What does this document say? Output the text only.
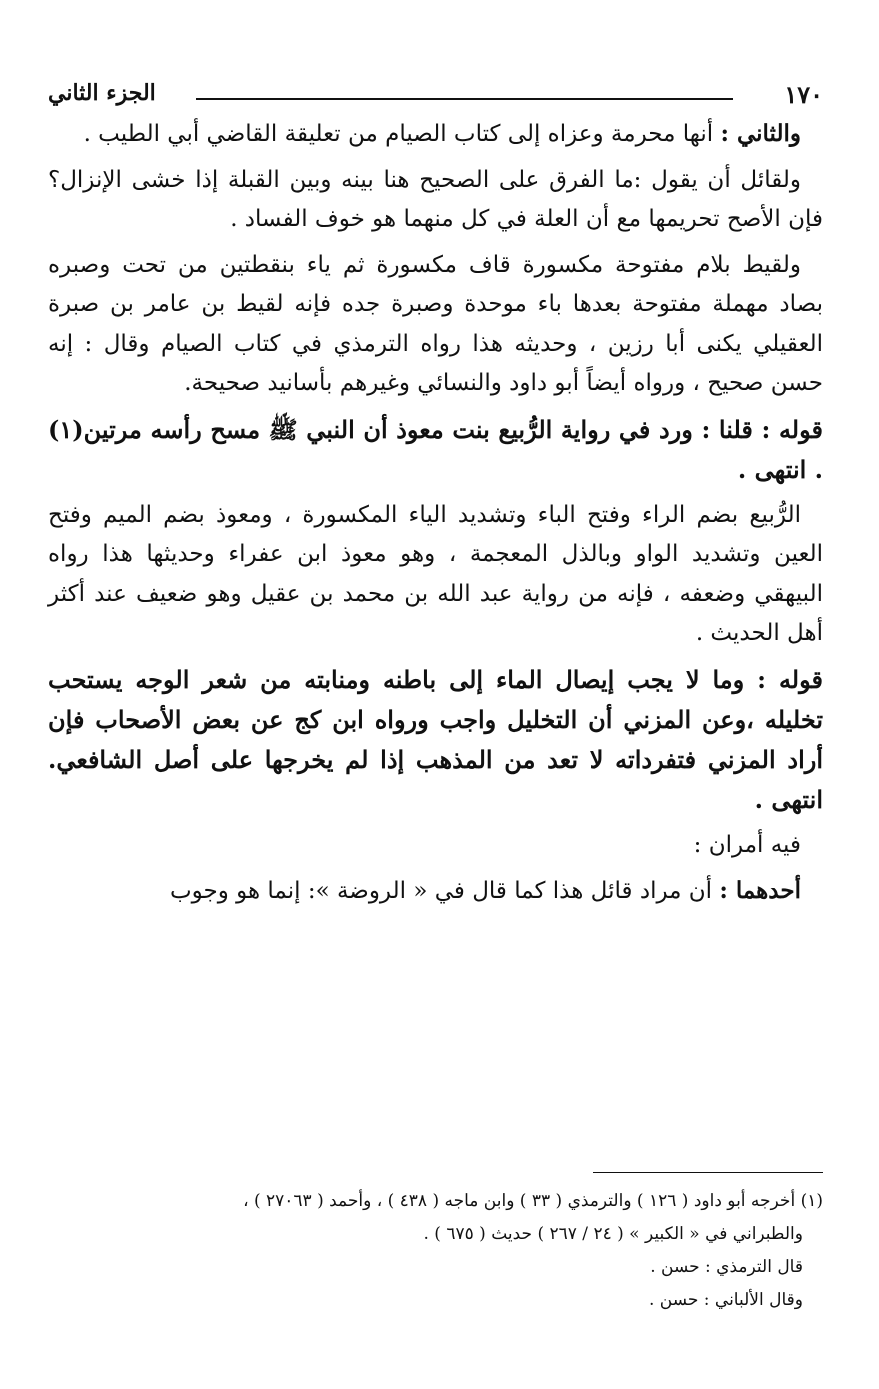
١٧٠
الجزء الثاني

والثاني : أنها محرمة وعزاه إلى كتاب الصيام من تعليقة القاضي أبي الطيب .

ولقائل أن يقول :ما الفرق على الصحيح هنا بينه وبين القبلة إذا خشى الإنزال؟ فإن الأصح تحريمها مع أن العلة في كل منهما هو خوف الفساد .

ولقيط بلام مفتوحة مكسورة قاف مكسورة ثم ياء بنقطتين من تحت وصبره بصاد مهملة مفتوحة بعدها باء موحدة وصبرة جده فإنه لقيط بن عامر بن صبرة العقيلي يكنى أبا رزين ، وحديثه هذا رواه الترمذي في كتاب الصيام وقال : إنه حسن صحيح ، ورواه أيضاً أبو داود والنسائي وغيرهم بأسانيد صحيحة.

قوله : قلنا : ورد في رواية الرُّبيع بنت معوذ أن النبي ﷺ مسح رأسه مرتين(١) . انتهى .

الرُّبيع بضم الراء وفتح الباء وتشديد الياء المكسورة ، ومعوذ بضم الميم وفتح العين وتشديد الواو وبالذل المعجمة ، وهو معوذ ابن عفراء وحديثها هذا رواه البيهقي وضعفه ، فإنه من رواية عبد الله بن محمد بن عقيل وهو ضعيف عند أكثر أهل الحديث .

قوله : وما لا يجب إيصال الماء إلى باطنه ومنابته من شعر الوجه يستحب تخليله ،وعن المزني أن التخليل واجب ورواه ابن كج عن بعض الأصحاب فإن أراد المزني فتفرداته لا تعد من المذهب إذا لم يخرجها على أصل الشافعي. انتهى .

فيه أمران :

أحدهما : أن مراد قائل هذا كما قال في « الروضة »: إنما هو وجوب

(١) أخرجه أبو داود ( ١٢٦ ) والترمذي ( ٣٣ ) وابن ماجه ( ٤٣٨ ) ، وأحمد ( ٢٧٠٦٣ ) ،

والطبراني في « الكبير » ( ٢٤ / ٢٦٧ ) حديث ( ٦٧٥ ) .

قال الترمذي : حسن .

وقال الألباني : حسن .
